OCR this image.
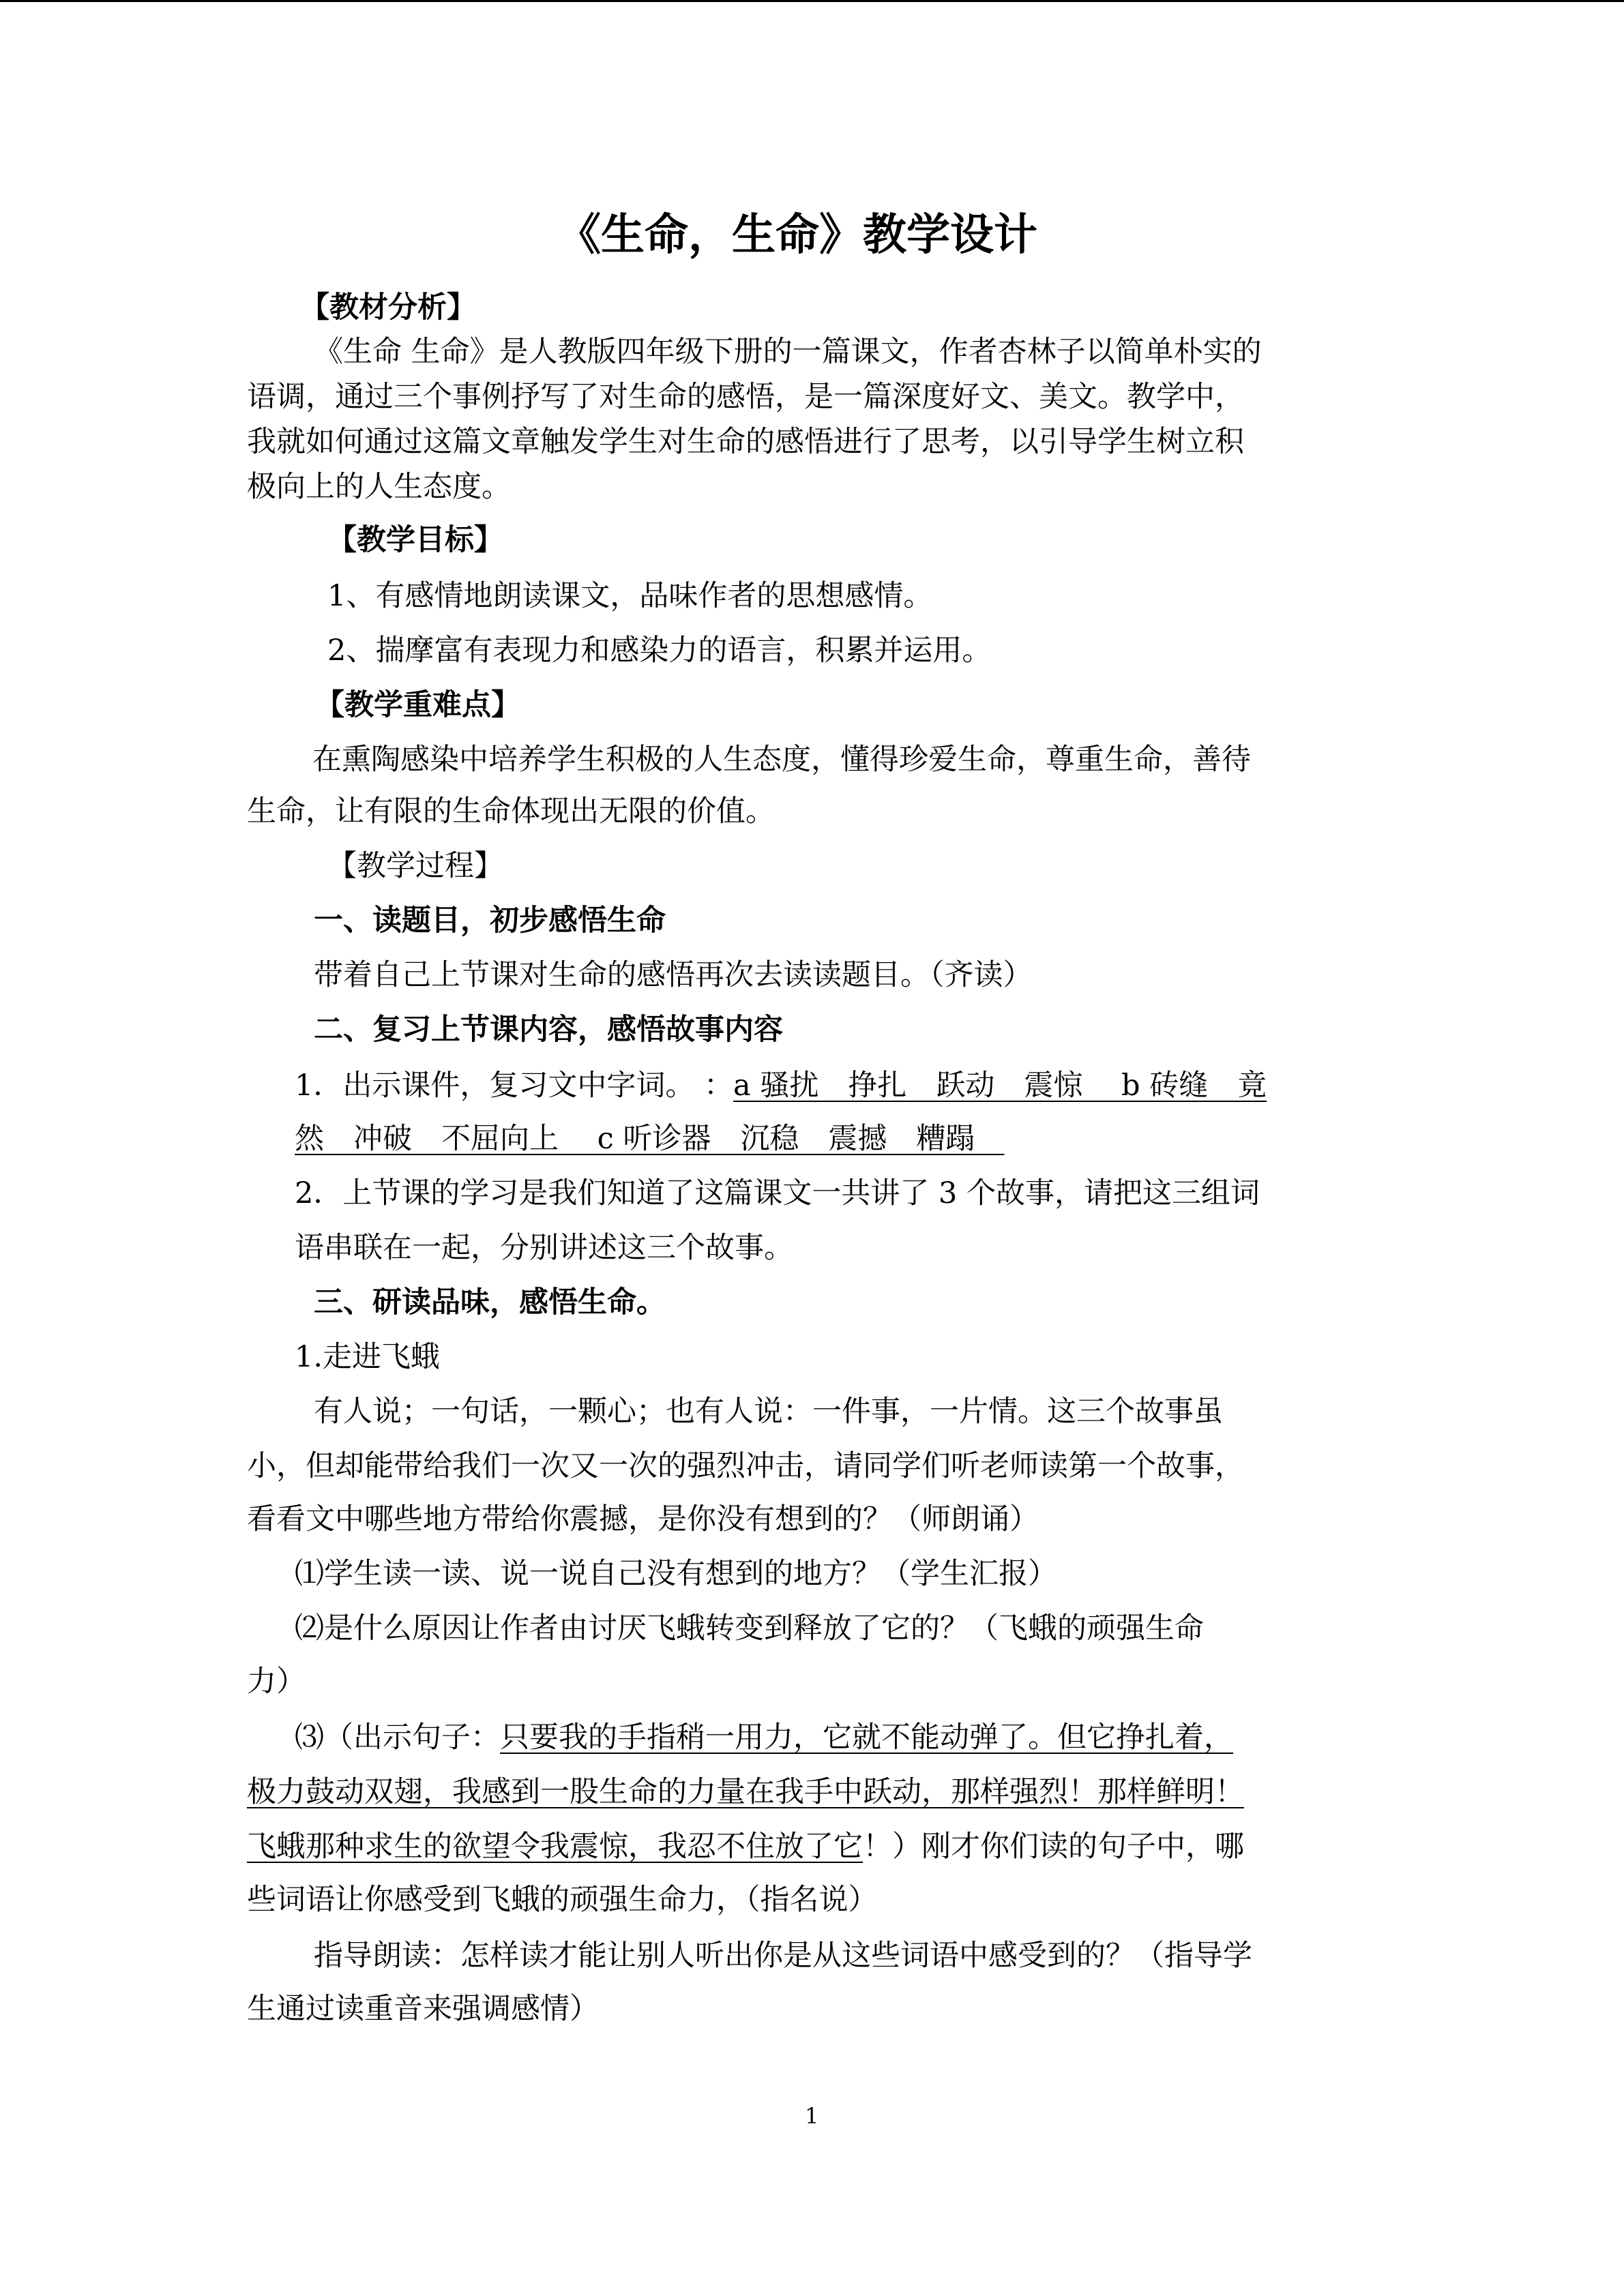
《生命，生命》教学设计
【教材分析】
《生命 生命》是人教版四年级下册的一篇课文，作者杏林子以简单朴实的
语调，通过三个事例抒写了对生命的感悟，是一篇深度好文、美文。教学中，
我就如何通过这篇文章触发学生对生命的感悟进行了思考，以引导学生树立积
极向上的人生态度。
【教学目标】
1、有感情地朗读课文，品味作者的思想感情。
2、揣摩富有表现力和感染力的语言，积累并运用。
【教学重难点】
在熏陶感染中培养学生积极的人生态度，懂得珍爱生命，尊重生命，善待
生命，让有限的生命体现出无限的价值。
【教学过程】
一、读题目，初步感悟生命
带着自己上节课对生命的感悟再次去读读题目。（齐读）
二、复习上节课内容，感悟故事内容
1．出示课件，复习文中字词。 ：a 骚扰　挣扎　跃动　震惊　 b 砖缝　竟
然　冲破　不屈向上　 c 听诊器　沉稳　震撼　糟蹋　
2．上节课的学习是我们知道了这篇课文一共讲了 3 个故事，请把这三组词
语串联在一起，分别讲述这三个故事。
三、研读品味，感悟生命。
1.走进飞蛾
有人说；一句话，一颗心；也有人说：一件事，一片情。这三个故事虽
小，但却能带给我们一次又一次的强烈冲击，请同学们听老师读第一个故事，
看看文中哪些地方带给你震撼，是你没有想到的？（师朗诵）
⑴学生读一读、说一说自己没有想到的地方？（学生汇报）
⑵是什么原因让作者由讨厌飞蛾转变到释放了它的？（飞蛾的顽强生命
力）
⑶（出示句子：只要我的手指稍一用力，它就不能动弹了。但它挣扎着，
极力鼓动双翅，我感到一股生命的力量在我手中跃动，那样强烈！那样鲜明！
飞蛾那种求生的欲望令我震惊，我忍不住放了它！）刚才你们读的句子中，哪
些词语让你感受到飞蛾的顽强生命力，（指名说）
指导朗读：怎样读才能让别人听出你是从这些词语中感受到的？（指导学
生通过读重音来强调感情）
1
